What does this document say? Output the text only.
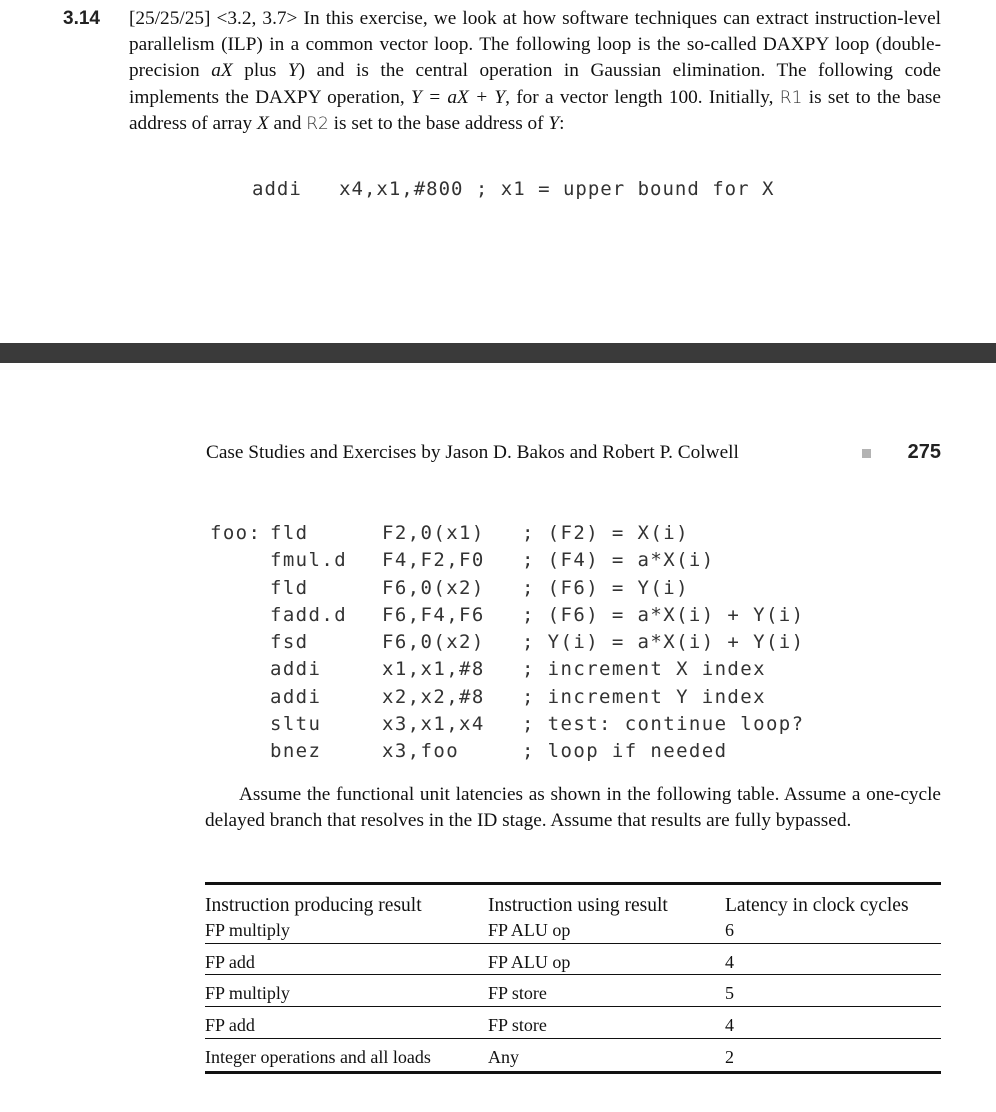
3.14 [25/25/25] <3.2, 3.7> In this exercise, we look at how software techniques can extract instruction-level parallelism (ILP) in a common vector loop. The following loop is the so-called DAXPY loop (double-precision aX plus Y) and is the central operation in Gaussian elimination. The following code implements the DAXPY operation, Y = aX + Y, for a vector length 100. Initially, R1 is set to the base address of array X and R2 is set to the base address of Y:
addi   x4,x1,#800 ; x1 = upper bound for X
Case Studies and Exercises by Jason D. Bakos and Robert P. Colwell	275
foo: fld	F2,0(x1) ; (F2) = X(i)
fmul.d F4,F2,F0 ; (F4) = a*X(i)
fld	F6,0(x2) ; (F6) = Y(i)
fadd.d F6,F4,F6 ; (F6) = a*X(i) + Y(i)
fsd	F6,0(x2) ; Y(i) = a*X(i) + Y(i)
addi	x1,x1,#8 ; increment X index
addi	x2,x2,#8 ; increment Y index
sltu	x3,x1,x4 ; test: continue loop?
bnez	x3,foo	; loop if needed
Assume the functional unit latencies as shown in the following table. Assume a one-cycle delayed branch that resolves in the ID stage. Assume that results are fully bypassed.
Instruction producing result	Instruction using result	Latency in clock cycles
FP multiply	FP ALU op	6
FP add	FP ALU op	4
FP multiply	FP store	5
FP add	FP store	4
Integer operations and all loads	Any	2
